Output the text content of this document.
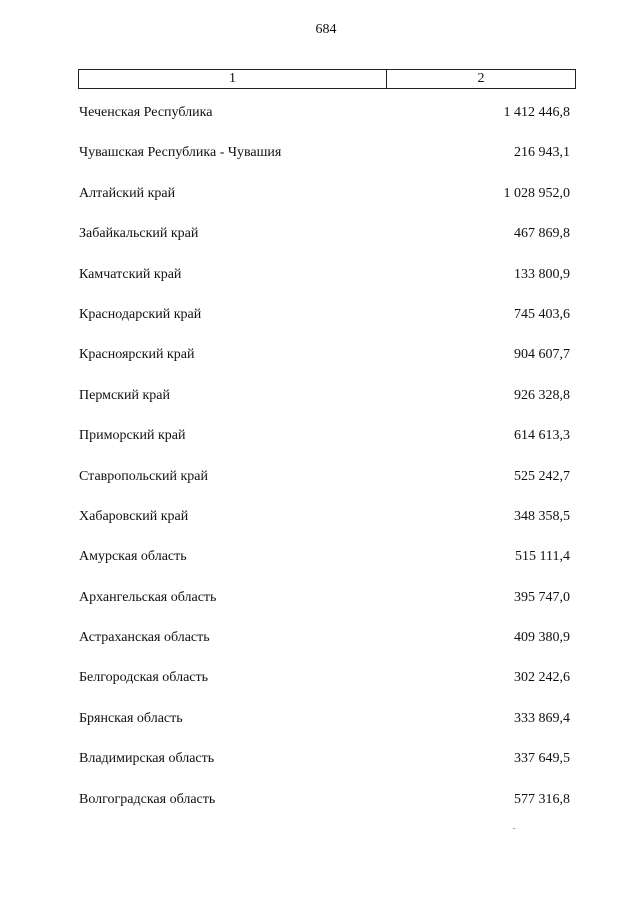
684
1	2
Чеченская Республика	1 412 446,8
Чувашская Республика - Чувашия	216 943,1
Алтайский край	1 028 952,0
Забайкальский край	467 869,8
Камчатский край	133 800,9
Краснодарский край	745 403,6
Красноярский край	904 607,7
Пермский край	926 328,8
Приморский край	614 613,3
Ставропольский край	525 242,7
Хабаровский край	348 358,5
Амурская область	515 111,4
Архангельская область	395 747,0
Астраханская область	409 380,9
Белгородская область	302 242,6
Брянская область	333 869,4
Владимирская область	337 649,5
Волгоградская область	577 316,8
